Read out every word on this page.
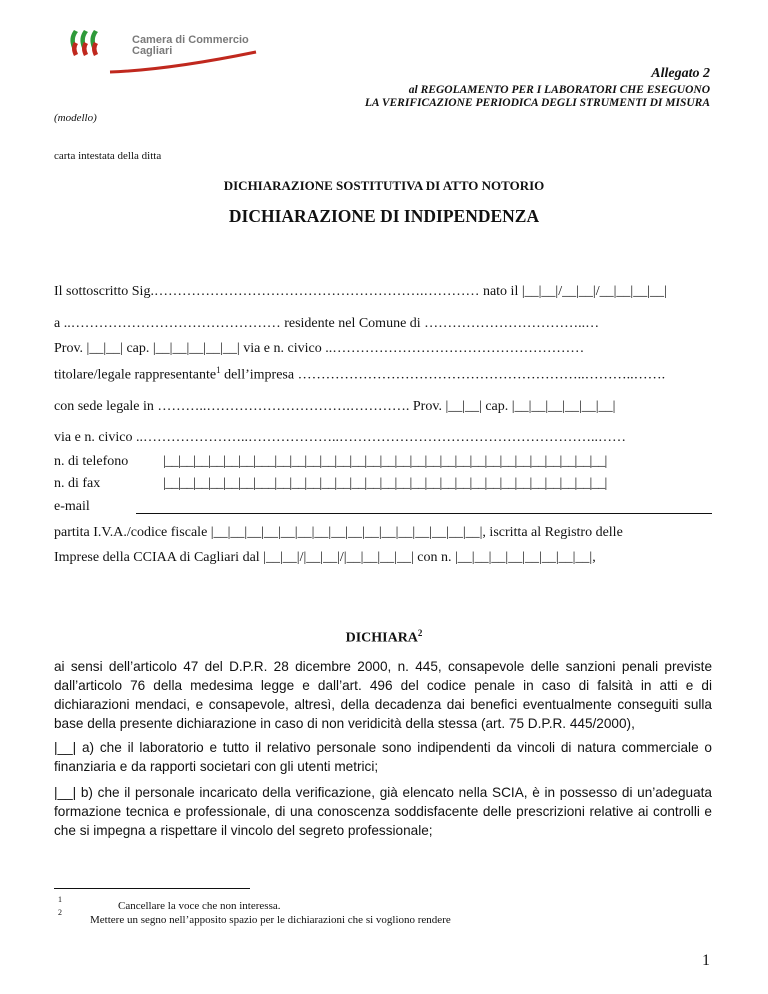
Camera di Commercio
Cagliari
Allegato 2
al REGOLAMENTO PER I LABORATORI CHE ESEGUONO
LA VERIFICAZIONE PERIODICA DEGLI STRUMENTI DI MISURA
(modello)
carta intestata della ditta
DICHIARAZIONE SOSTITUTIVA DI ATTO NOTORIO
DICHIARAZIONE DI INDIPENDENZA
Il sottoscritto Sig.………………………………………………….………… nato il |__|__|/__|__|/__|__|__|__|
a ..……………………………………… residente nel Comune di ……………………………..…
Prov. |__|__| cap. |__|__|__|__|__| via e n. civico ..………………………………………………
titolare/legale rappresentante$^1$ dell’impresa ……………………………………………………..………..…….
con sede legale in ………..………………………….…………. Prov. |__|__| cap. |__|__|__|__|__|__|
via e n. civico ..…………………..………………..………………………………………………..……
n. di telefono |__|__|__|__|__|__|___|__|__|__|__|__|__|__|__|__|__|__|__|__|__|__|__|__|__|__|__|__|__|
n. di fax	|__|__|__|__|__|__|___|__|__|__|__|__|__|__|__|__|__|__|__|__|__|__|__|__|__|__|__|__|__|
e-mail
partita I.V.A./codice fiscale |__|__|__|__|__|__|__|__|__|__|__|__|__|__|__|__|, iscritta al Registro delle
Imprese della CCIAA di Cagliari dal |__|__|/|__|__|/|__|__|__|__| con n. |__|__|__|__|__|__|__|__|,
DICHIARA$^2$
ai sensi dell’articolo 47 del D.P.R. 28 dicembre 2000, n. 445, consapevole delle sanzioni penali previste dall’articolo 76 della medesima legge e dall’art. 496 del codice penale in caso di falsità in atti e di dichiarazioni mendaci, e consapevole, altresì, della decadenza dai benefici eventualmente conseguiti sulla base della presente dichiarazione in caso di non veridicità della stessa (art. 75 D.P.R. 445/2000),
|__| a) che il laboratorio e tutto il relativo personale sono indipendenti da vincoli di natura commerciale o finanziaria e da rapporti societari con gli utenti metrici;
|__| b) che il personale incaricato della verificazione, già elencato nella SCIA, è in possesso di un’adeguata formazione tecnica e professionale, di una conoscenza soddisfacente delle prescrizioni relative ai controlli e che si impegna a rispettare il vincolo del segreto professionale;
1
Cancellare la voce che non interessa.
2
Mettere un segno nell’apposito spazio per le dichiarazioni che si vogliono rendere
1
